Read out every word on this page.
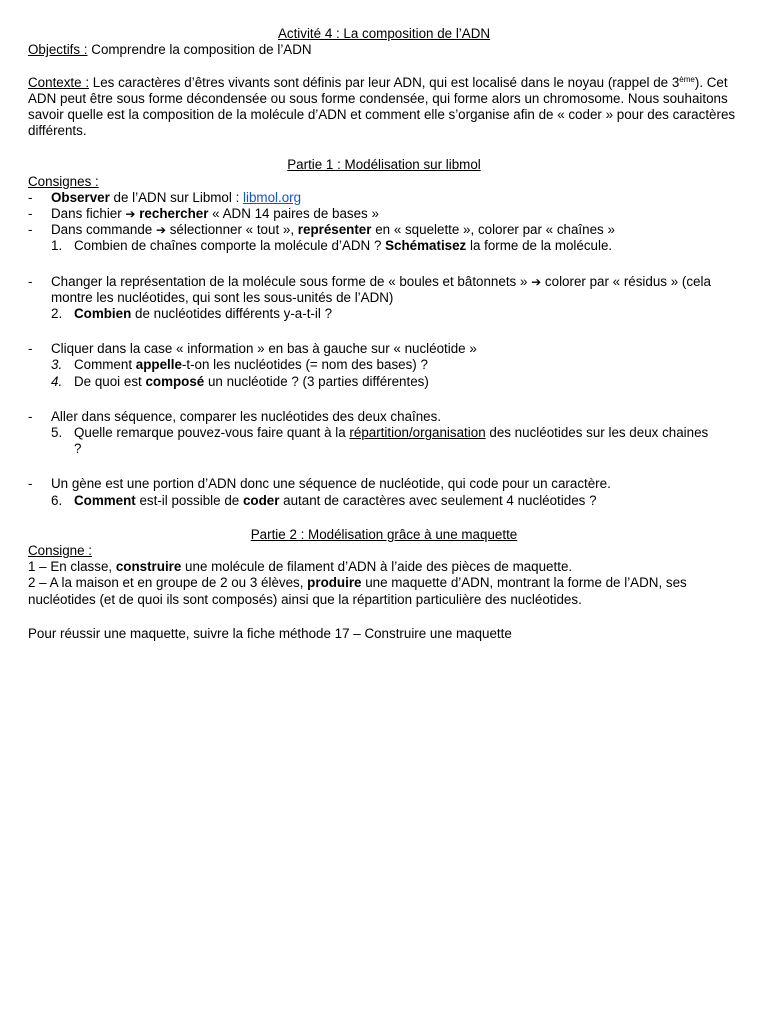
Activité 4 : La composition de l’ADN
Objectifs : Comprendre la composition de l’ADN
Contexte : Les caractères d’êtres vivants sont définis par leur ADN, qui est localisé dans le noyau (rappel de 3ème). Cet ADN peut être sous forme décondensée ou sous forme condensée, qui forme alors un chromosome. Nous souhaitons savoir quelle est la composition de la molécule d’ADN et comment elle s’organise afin de « coder » pour des caractères différents.
Partie 1 : Modélisation sur libmol
Consignes :
-	Observer de l’ADN sur Libmol : libmol.org
-	Dans fichier ➔ rechercher « ADN 14 paires de bases »
-	Dans commande ➔ sélectionner « tout », représenter en « squelette », colorer par « chaînes »
1. Combien de chaînes comporte la molécule d’ADN ? Schématisez la forme de la molécule.
-	Changer la représentation de la molécule sous forme de « boules et bâtonnets » ➔ colorer par « résidus » (cela montre les nucléotides, qui sont les sous-unités de l’ADN)
2. Combien de nucléotides différents y-a-t-il ?
-	Cliquer dans la case « information » en bas à gauche sur « nucléotide »
3. Comment appelle-t-on les nucléotides (= nom des bases) ?
4. De quoi est composé un nucléotide ? (3 parties différentes)
-	Aller dans séquence, comparer les nucléotides des deux chaînes.
5. Quelle remarque pouvez-vous faire quant à la répartition/organisation des nucléotides sur les deux chaines ?
-	Un gène est une portion d’ADN donc une séquence de nucléotide, qui code pour un caractère.
6. Comment est-il possible de coder autant de caractères avec seulement 4 nucléotides ?
Partie 2 : Modélisation grâce à une maquette
Consigne :
1 – En classe, construire une molécule de filament d’ADN à l’aide des pièces de maquette.
2 – A la maison et en groupe de 2 ou 3 élèves, produire une maquette d’ADN, montrant la forme de l’ADN, ses nucléotides (et de quoi ils sont composés) ainsi que la répartition particulière des nucléotides.
Pour réussir une maquette, suivre la fiche méthode 17 – Construire une maquette
